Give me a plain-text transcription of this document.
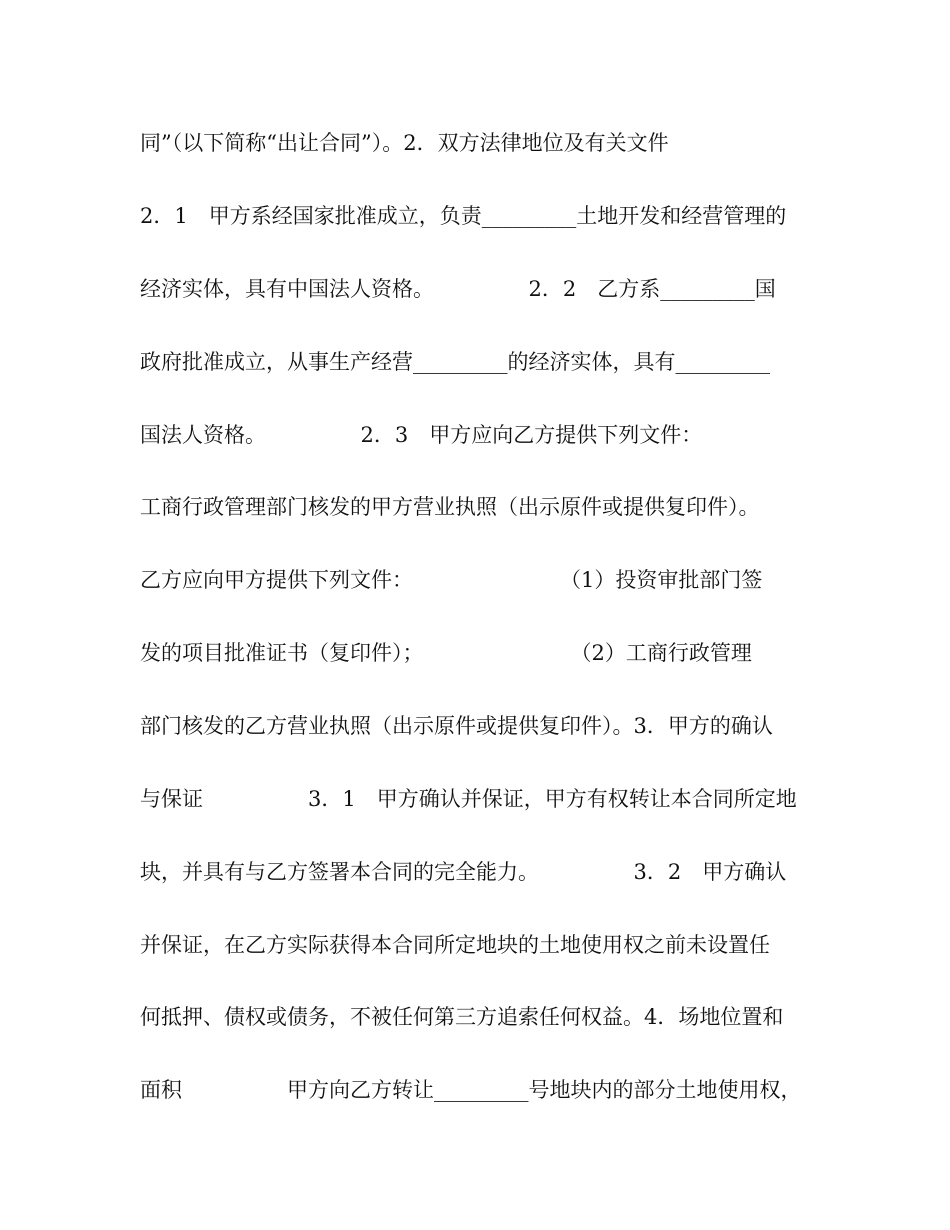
同”（以下简称“出让合同”）。2．双方法律地位及有关文件
2．1　甲方系经国家批准成立，负责_________土地开发和经营管理的
经济实体，具有中国法人资格。　　　　　2．2　乙方系_________国
政府批准成立，从事生产经营_________的经济实体，具有_________
国法人资格。　　　　　2．3　甲方应向乙方提供下列文件：
工商行政管理部门核发的甲方营业执照（出示原件或提供复印件）。
乙方应向甲方提供下列文件：　　　　　　　　（1）投资审批部门签
发的项目批准证书（复印件）；　　　　　　　　（2）工商行政管理
部门核发的乙方营业执照（出示原件或提供复印件）。3．甲方的确认
与保证　　　　　3．1　甲方确认并保证，甲方有权转让本合同所定地
块，并具有与乙方签署本合同的完全能力。　　　　　3．2　甲方确认
并保证，在乙方实际获得本合同所定地块的土地使用权之前未设置任
何抵押、债权或债务，不被任何第三方追索任何权益。4．场地位置和
面积　　　　　甲方向乙方转让_________号地块内的部分土地使用权，
